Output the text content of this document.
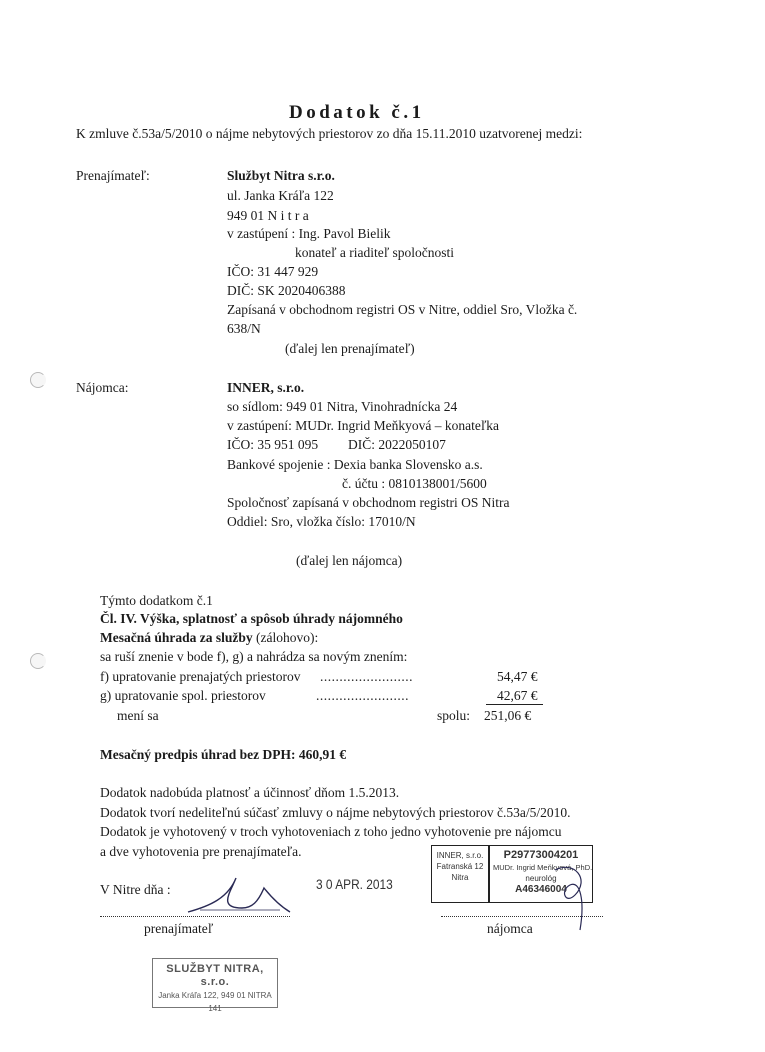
Dodatok č.1
K zmluve č.53a/5/2010 o nájme nebytových priestorov zo dňa 15.11.2010 uzatvorenej medzi:
Prenajímateľ:	Službyt Nitra s.r.o.
ul. Janka Kráľa 122
949 01 N i t r a
v zastúpení : Ing. Pavol Bielik
konateľ a riaditeľ spoločnosti
IČO: 31 447 929
DIČ: SK 2020406388
Zapísaná v obchodnom registri OS v Nitre, oddiel Sro, Vložka č.
638/N
(ďalej len prenajímateľ)
Nájomca:	INNER, s.r.o.
so sídlom: 949 01 Nitra, Vinohradnícka 24
v zastúpení: MUDr. Ingrid Meňkyová – konateľka
IČO: 35 951 095 DIČ: 2022050107
Bankové spojenie : Dexia banka Slovensko a.s.
č. účtu : 0810138001/5600
Spoločnosť zapísaná v obchodnom registri OS Nitra
Oddiel: Sro, vložka číslo: 17010/N
(ďalej len nájomca)
Týmto dodatkom č.1
Čl. IV. Výška, splatnosť a spôsob úhrady nájomného
Mesačná úhrada za služby (zálohovo):
sa ruší znenie v bode f), g) a nahrádza sa novým znením:
f) upratovanie prenajatých priestorov ........................	54,47 €
g) upratovanie spol. priestorov	........................	42,67 €
mení sa	spolu: 251,06 €
Mesačný predpis úhrad bez DPH: 460,91 €
Dodatok nadobúda platnosť a účinnosť dňom 1.5.2013.
Dodatok tvorí nedeliteľnú súčasť zmluvy o nájme nebytových priestorov č.53a/5/2010.
Dodatok je vyhotovený v troch vyhotoveniach z toho jedno vyhotovenie pre nájomcu
a dve vyhotovenia pre prenajímateľa.
V Nitre dňa :	3 0 APR. 2013
prenajímateľ	nájomca
INNER, s.r.o.
Fatranská 12
Nitra
P29773004201
MUDr. Ingrid Meňkyová, PhD.
neurológ
A46346004
SLUŽBYT NITRA, s.r.o.
Janka Kráľa 122, 949 01 NITRA
141
